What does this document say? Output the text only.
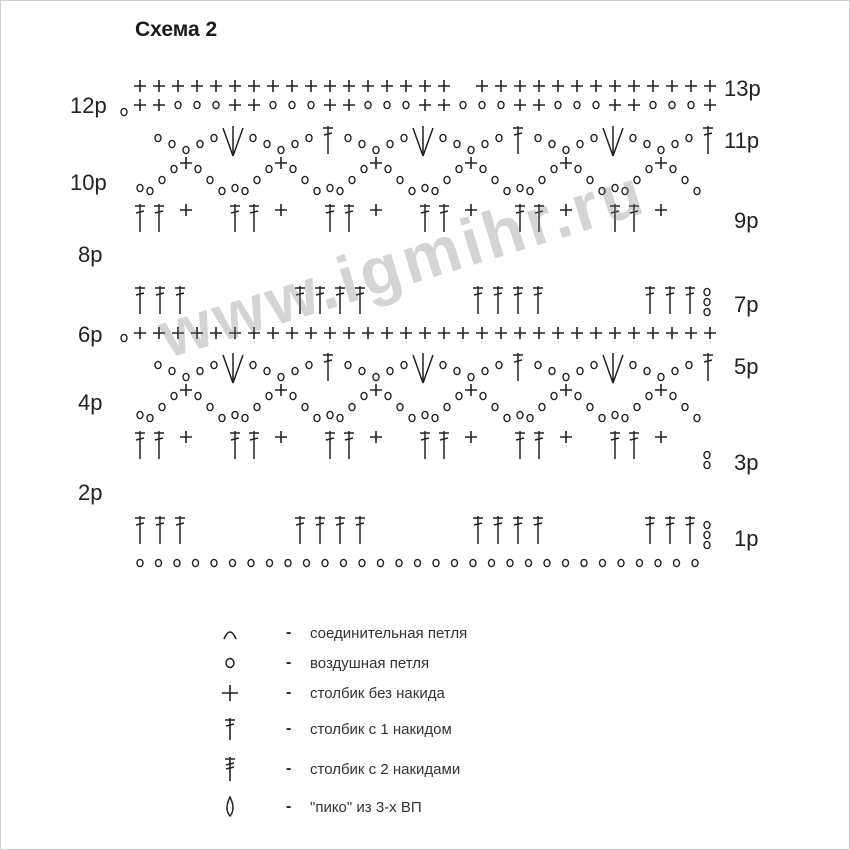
Схема 2
12р
10р
8р
6р
4р
2р
13р
11р
9р
7р
5р
3р
1р
www.igmihr.ru
-	соединительная петля
-	воздушная петля
-	столбик без накида
-	столбик с 1 накидом
-	столбик с 2 накидами
-	"пико" из 3-х ВП
